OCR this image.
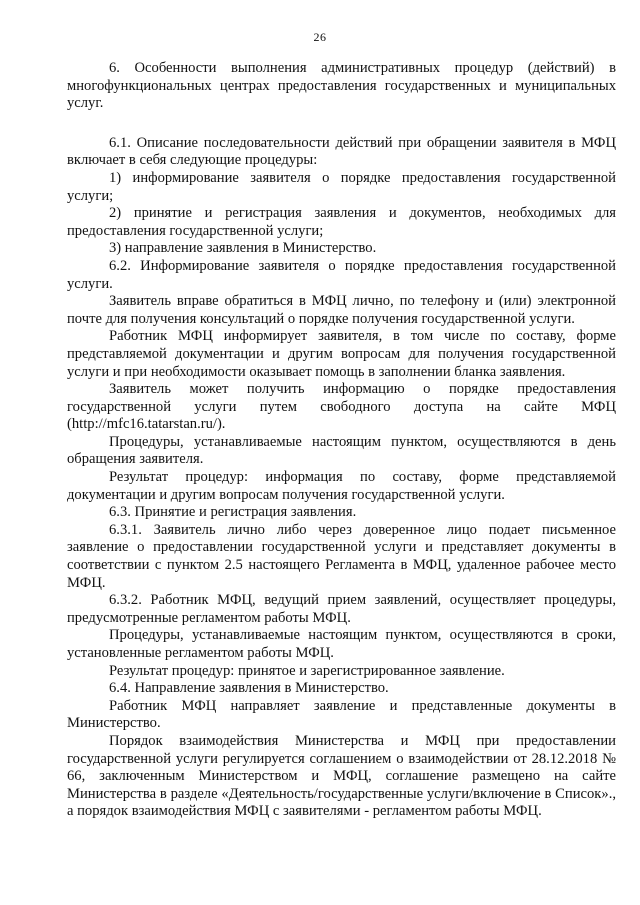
26

6. Особенности выполнения административных процедур (действий) в многофункциональных центрах предоставления государственных и муниципальных услуг.

6.1. Описание последовательности действий при обращении заявителя в МФЦ включает в себя следующие процедуры:

1) информирование заявителя о порядке предоставления государственной услуги;

2) принятие и регистрация заявления и документов, необходимых для предоставления государственной услуги;

3) направление заявления в Министерство.

6.2. Информирование заявителя о порядке предоставления государственной услуги.

Заявитель вправе обратиться в МФЦ лично, по телефону и (или) электронной почте для получения консультаций о порядке получения государственной услуги.

Работник МФЦ информирует заявителя, в том числе по составу, форме представляемой документации и другим вопросам для получения государственной услуги и при необходимости оказывает помощь в заполнении бланка заявления.

Заявитель может получить информацию о порядке предоставления государственной услуги путем свободного доступа на сайте МФЦ (http://mfc16.tatarstan.ru/).

Процедуры, устанавливаемые настоящим пунктом, осуществляются в день обращения заявителя.

Результат процедур: информация по составу, форме представляемой документации и другим вопросам получения государственной услуги.

6.3. Принятие и регистрация заявления.

6.3.1. Заявитель лично либо через доверенное лицо подает письменное заявление о предоставлении государственной услуги и представляет документы в соответствии с пунктом 2.5 настоящего Регламента в МФЦ, удаленное рабочее место МФЦ.

6.3.2. Работник МФЦ, ведущий прием заявлений, осуществляет процедуры, предусмотренные регламентом работы МФЦ.

Процедуры, устанавливаемые настоящим пунктом, осуществляются в сроки, установленные регламентом работы МФЦ.

Результат процедур: принятое и зарегистрированное заявление.

6.4. Направление заявления в Министерство.

Работник МФЦ направляет заявление и представленные документы в Министерство.

Порядок взаимодействия Министерства и МФЦ при предоставлении государственной услуги регулируется соглашением о взаимодействии от 28.12.2018 № 66, заключенным Министерством и МФЦ, соглашение размещено на сайте Министерства в разделе «Деятельность/государственные услуги/включение в Список»., а порядок взаимодействия МФЦ с заявителями - регламентом работы МФЦ.
